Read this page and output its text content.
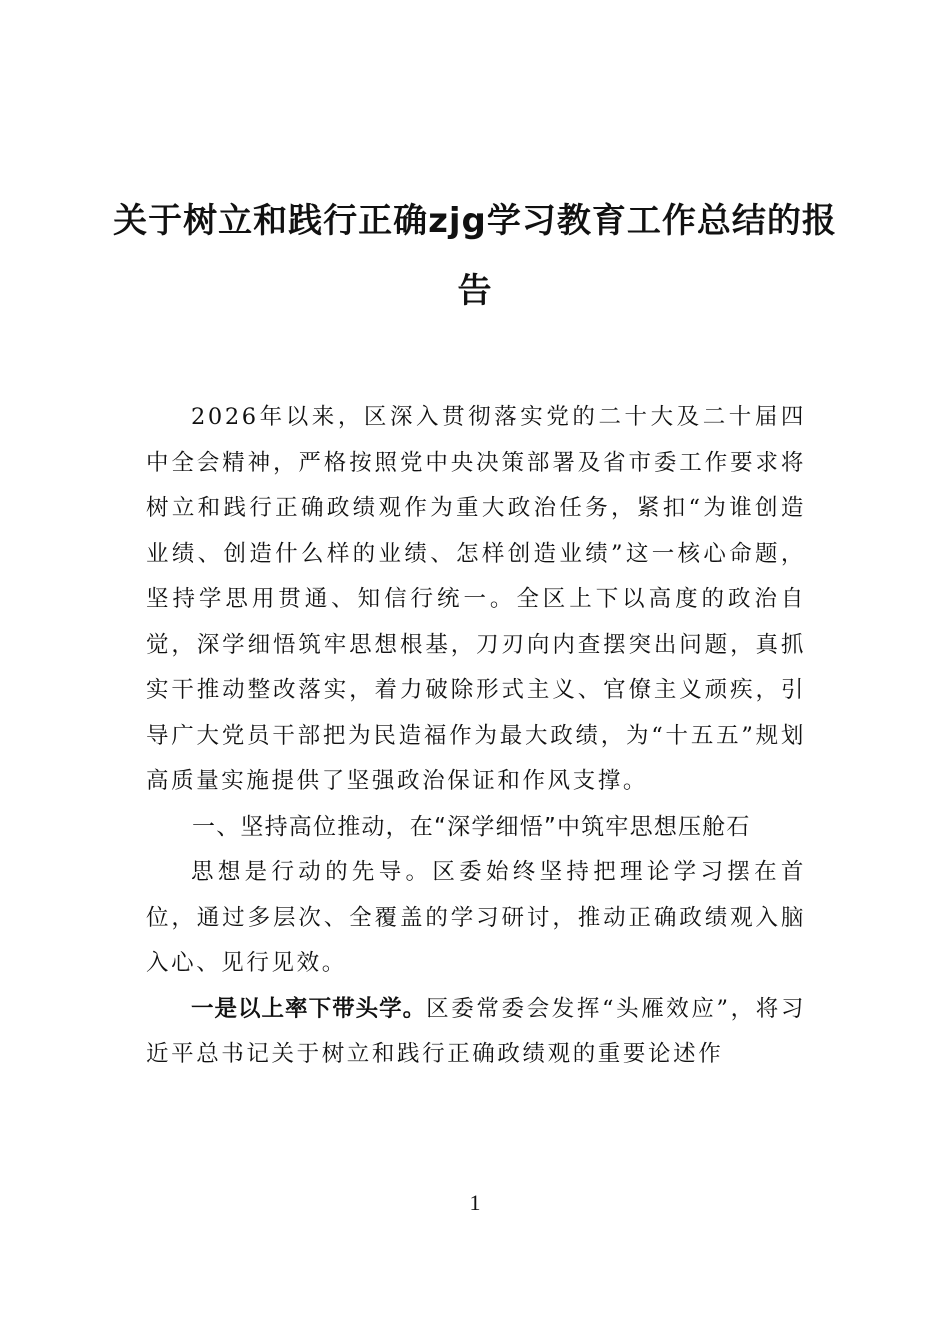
关于树立和践行正确zjg学习教育工作总结的报告

2026年以来，区深入贯彻落实党的二十大及二十届四中全会精神，严格按照党中央决策部署及省市委工作要求将树立和践行正确政绩观作为重大政治任务，紧扣“为谁创造业绩、创造什么样的业绩、怎样创造业绩”这一核心命题，坚持学思用贯通、知信行统一。全区上下以高度的政治自觉，深学细悟筑牢思想根基，刀刃向内查摆突出问题，真抓实干推动整改落实，着力破除形式主义、官僚主义顽疾，引导广大党员干部把为民造福作为最大政绩，为“十五五”规划高质量实施提供了坚强政治保证和作风支撑。

一、坚持高位推动，在“深学细悟”中筑牢思想压舱石

思想是行动的先导。区委始终坚持把理论学习摆在首位，通过多层次、全覆盖的学习研讨，推动正确政绩观入脑入心、见行见效。

一是以上率下带头学。区委常委会发挥“头雁效应”，将习近平总书记关于树立和践行正确政绩观的重要论述作

1
